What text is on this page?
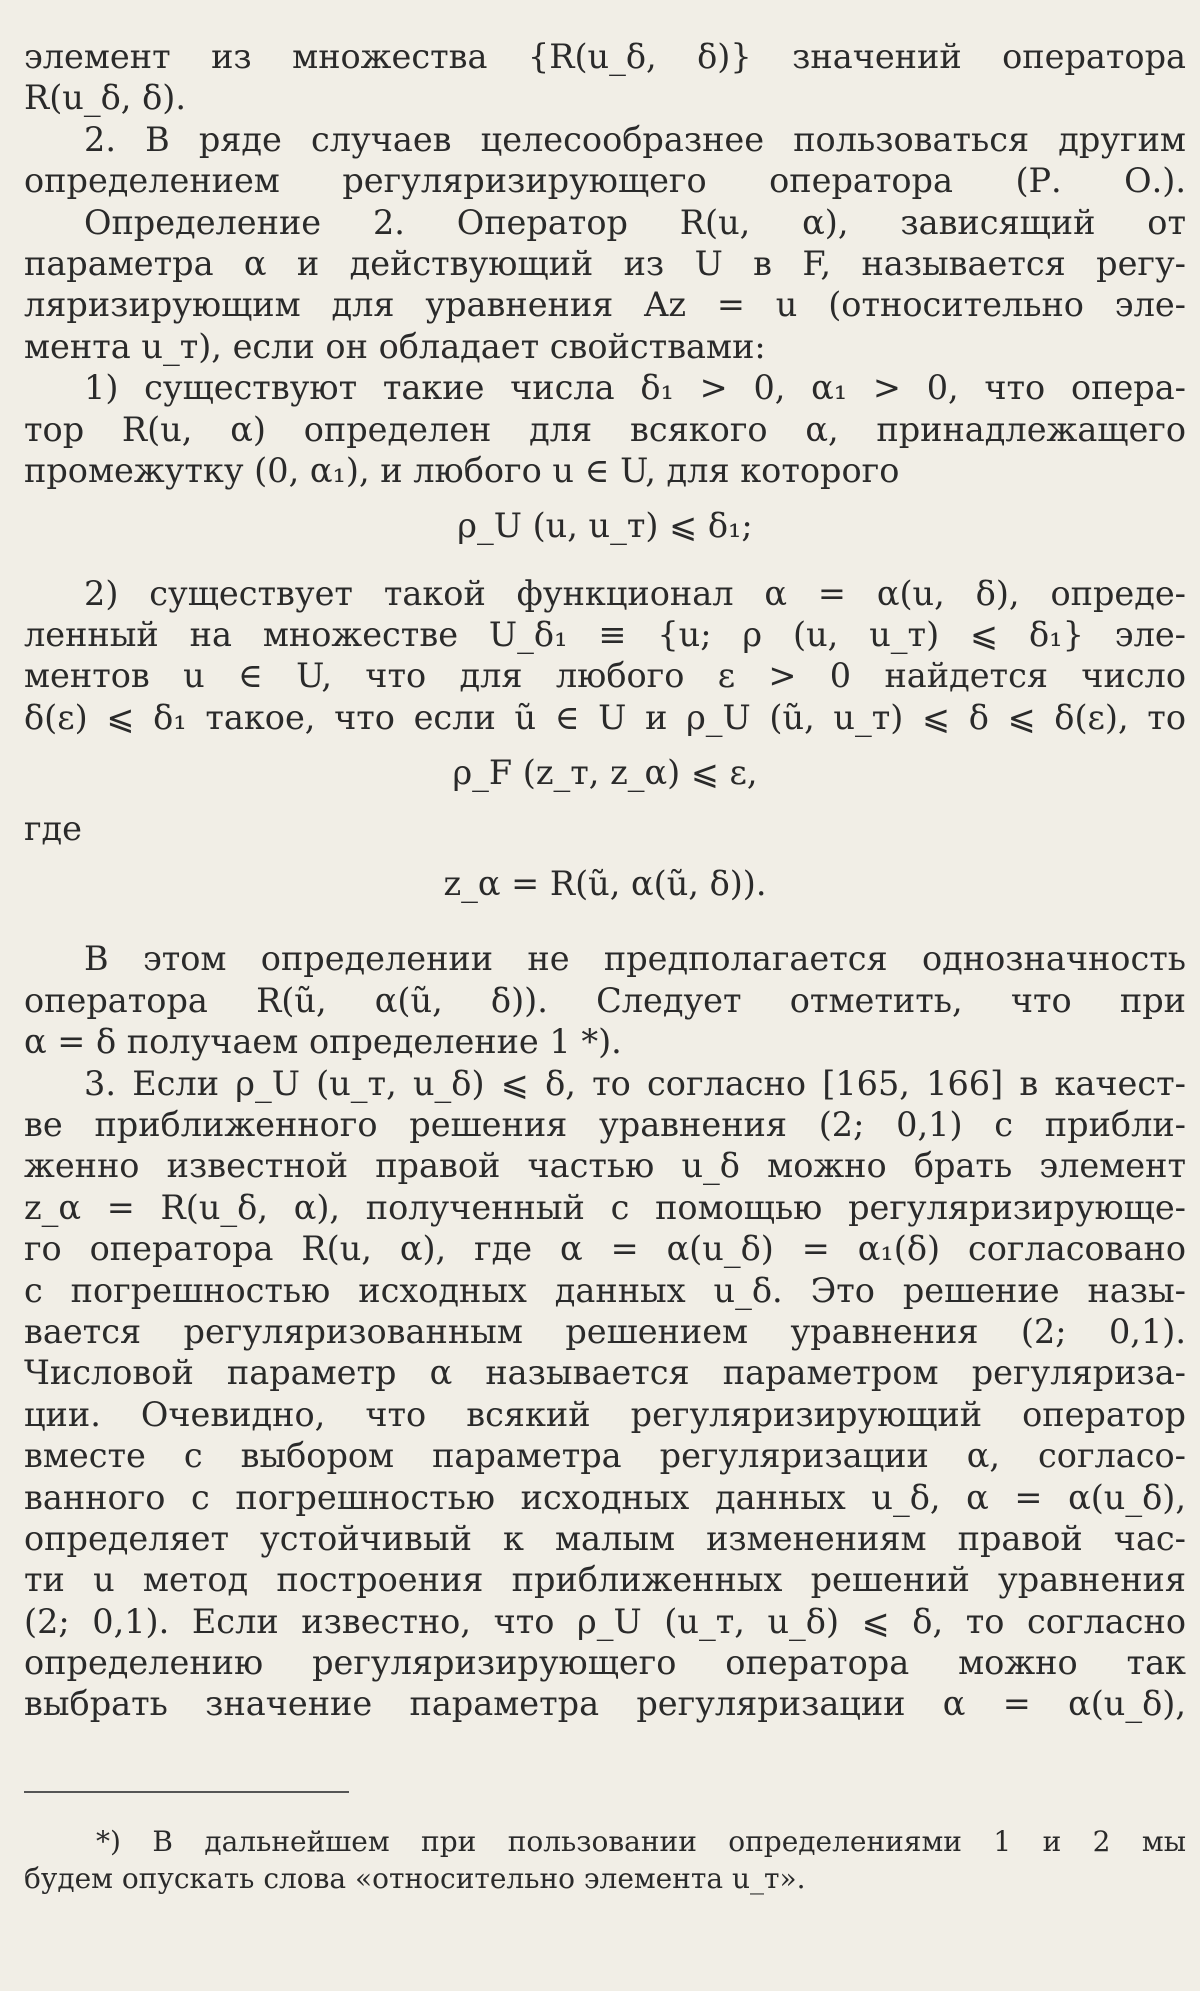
элемент из множества {R(u_δ, δ)} значений оператора
R(u_δ, δ).
2. В ряде случаев целесообразнее пользоваться другим
определением регуляризирующего оператора (Р. О.).
Определение 2. Оператор R(u, α), зависящий от
параметра α и действующий из U в F, называется регу-
ляризирующим для уравнения Az = u (относительно эле-
мента u_т), если он обладает свойствами:
1) существуют такие числа δ₁ > 0, α₁ > 0, что опера-
тор R(u, α) определен для всякого α, принадлежащего
промежутку (0, α₁), и любого u ∈ U, для которого
ρ_U (u, u_т) ⩽ δ₁;
2) существует такой функционал α = α(u, δ), опреде-
ленный на множестве U_δ₁ ≡ {u; ρ (u, u_т) ⩽ δ₁} эле-
ментов u ∈ U, что для любого ε > 0 найдется число
δ(ε) ⩽ δ₁ такое, что если ũ ∈ U и ρ_U (ũ, u_т) ⩽ δ ⩽ δ(ε), то
ρ_F (z_т, z_α) ⩽ ε,
где
z_α = R(ũ, α(ũ, δ)).
В этом определении не предполагается однозначность
оператора R(ũ, α(ũ, δ)). Следует отметить, что при
α = δ получаем определение 1 *).
3. Если ρ_U (u_т, u_δ) ⩽ δ, то согласно [165, 166] в качест-
ве приближенного решения уравнения (2; 0,1) с прибли-
женно известной правой частью u_δ можно брать элемент
z_α = R(u_δ, α), полученный с помощью регуляризирующе-
го оператора R(u, α), где α = α(u_δ) = α₁(δ) согласовано
с погрешностью исходных данных u_δ. Это решение назы-
вается регуляризованным решением уравнения (2; 0,1).
Числовой параметр α называется параметром регуляриза-
ции. Очевидно, что всякий регуляризирующий оператор
вместе с выбором параметра регуляризации α, согласо-
ванного с погрешностью исходных данных u_δ, α = α(u_δ),
определяет устойчивый к малым изменениям правой час-
ти u метод построения приближенных решений уравнения
(2; 0,1). Если известно, что ρ_U (u_т, u_δ) ⩽ δ, то согласно
определению регуляризирующего оператора можно так
выбрать значение параметра регуляризации α = α(u_δ),
*) В дальнейшем при пользовании определениями 1 и 2 мы
будем опускать слова «относительно элемента u_т».
